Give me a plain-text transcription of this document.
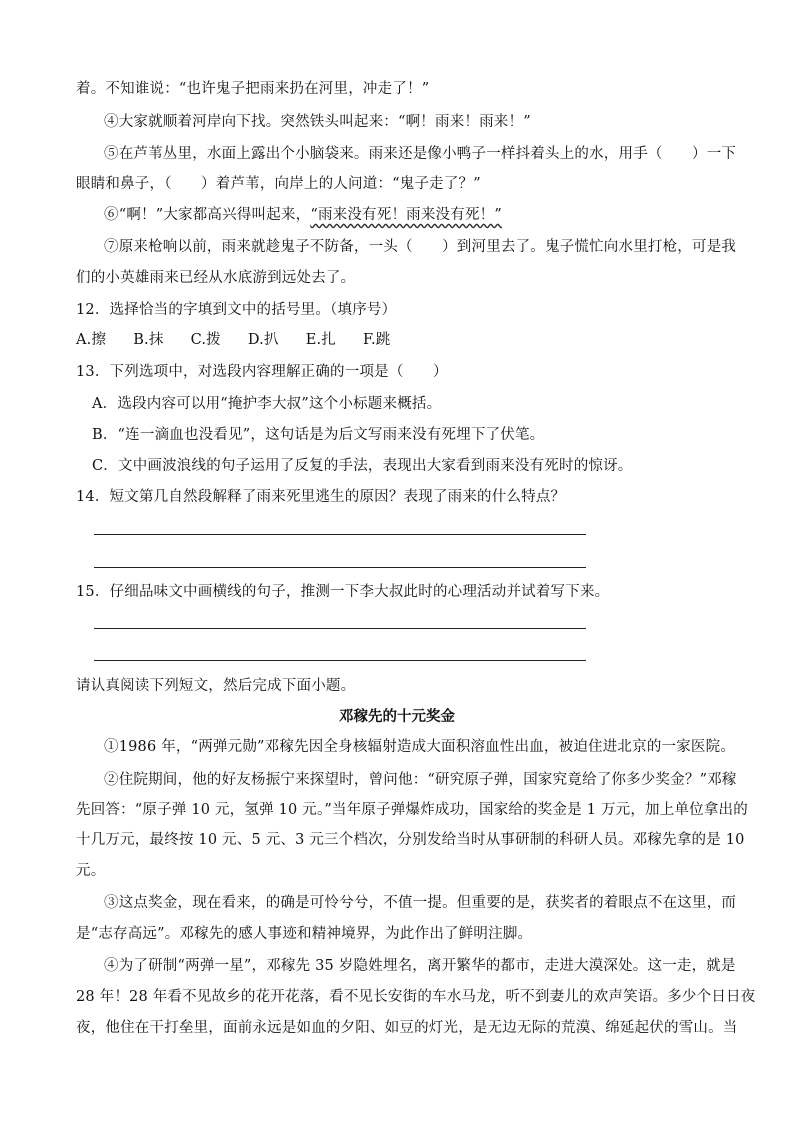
着。不知谁说：“也许鬼子把雨来扔在河里，冲走了！”
④大家就顺着河岸向下找。突然铁头叫起来：“啊！雨来！雨来！”
⑤在芦苇丛里，水面上露出个小脑袋来。雨来还是像小鸭子一样抖着头上的水，用手（　　）一下
眼睛和鼻子，（　　）着芦苇，向岸上的人问道：“鬼子走了？”
⑥“啊！”大家都高兴得叫起来，“雨来没有死！雨来没有死！”
⑦原来枪响以前，雨来就趁鬼子不防备，一头（　　）到河里去了。鬼子慌忙向水里打枪，可是我
们的小英雄雨来已经从水底游到远处去了。
12．选择恰当的字填到文中的括号里。（填序号）
A.擦 B.抹 C.拨 D.扒 E.扎 F.跳
13．下列选项中，对选段内容理解正确的一项是（　　）
A．选段内容可以用“掩护李大叔”这个小标题来概括。
B．“连一滴血也没看见”，这句话是为后文写雨来没有死埋下了伏笔。
C．文中画波浪线的句子运用了反复的手法，表现出大家看到雨来没有死时的惊讶。
14．短文第几自然段解释了雨来死里逃生的原因？表现了雨来的什么特点？
15．仔细品味文中画横线的句子，推测一下李大叔此时的心理活动并试着写下来。
请认真阅读下列短文，然后完成下面小题。
邓稼先的十元奖金
①1986 年，“两弹元勋”邓稼先因全身核辐射造成大面积溶血性出血，被迫住进北京的一家医院。
②住院期间，他的好友杨振宁来探望时，曾问他：“研究原子弹，国家究竟给了你多少奖金？”邓稼
先回答：“原子弹 10 元，氢弹 10 元。”当年原子弹爆炸成功，国家给的奖金是 1 万元，加上单位拿出的
十几万元，最终按 10 元、5 元、3 元三个档次，分别发给当时从事研制的科研人员。邓稼先拿的是 10
元。
③这点奖金，现在看来，的确是可怜兮兮，不值一提。但重要的是，获奖者的着眼点不在这里，而
是“志存高远”。邓稼先的感人事迹和精神境界，为此作出了鲜明注脚。
④为了研制“两弹一星”，邓稼先 35 岁隐姓埋名，离开繁华的都市，走进大漠深处。这一走，就是
28 年！28 年看不见故乡的花开花落，看不见长安街的车水马龙，听不到妻儿的欢声笑语。多少个日日夜
夜，他住在干打垒里，面前永远是如血的夕阳、如豆的灯光，是无边无际的荒漠、绵延起伏的雪山。当
